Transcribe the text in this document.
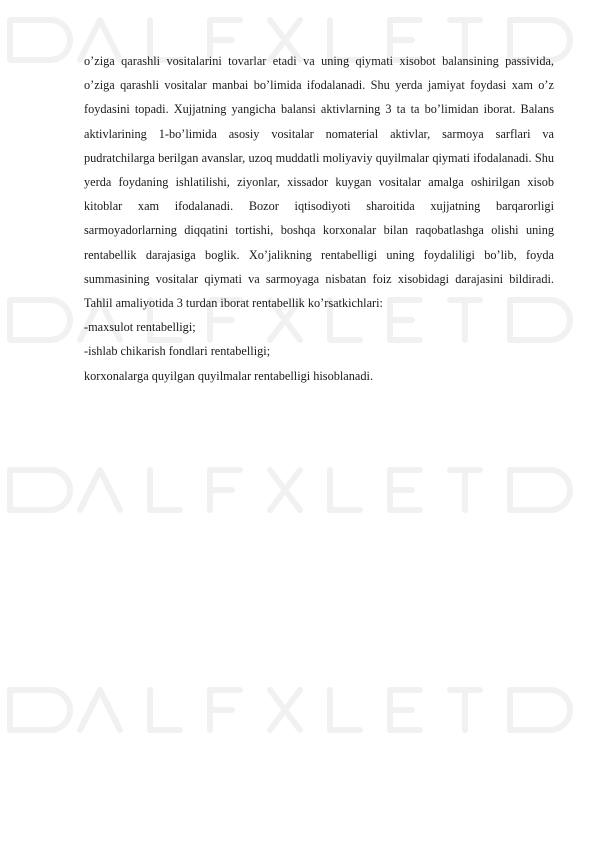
o’ziga qarashli vositalarini tovarlar etadi va uning qiymati xisobot balansining passivida, o’ziga qarashli vositalar manbai bo’limida ifodalanadi. Shu yerda jamiyat foydasi xam o’z foydasini topadi. Xujjatning yangicha balansi aktivlarning 3 ta ta bo’limidan iborat. Balans aktivlarining 1-bo’limida asosiy vositalar nomaterial aktivlar, sarmoya sarflari va pudratchilarga berilgan avanslar, uzoq muddatli moliyaviy quyilmalar qiymati ifodalanadi. Shu yerda foydaning ishlatilishi, ziyonlar, xissador kuygan vositalar amalga oshirilgan xisob kitoblar xam ifodalanadi. Bozor iqtisodiyoti sharoitida xujjatning barqarorligi sarmoyadorlarning diqqatini tortishi, boshqa korxonalar bilan raqobatlashga olishi uning rentabellik darajasiga boglik. Xo’jalikning rentabelligi uning foydaliligi bo’lib, foyda summasining vositalar qiymati va sarmoyaga nisbatan foiz xisobidagi darajasini bildiradi. Tahlil amaliyotida 3 turdan iborat rentabellik ko’rsatkichlari:

-maxsulot rentabelligi;

-ishlab chikarish fondlari rentabelligi;

korxonalarga quyilgan quyilmalar rentabelligi hisoblanadi.
